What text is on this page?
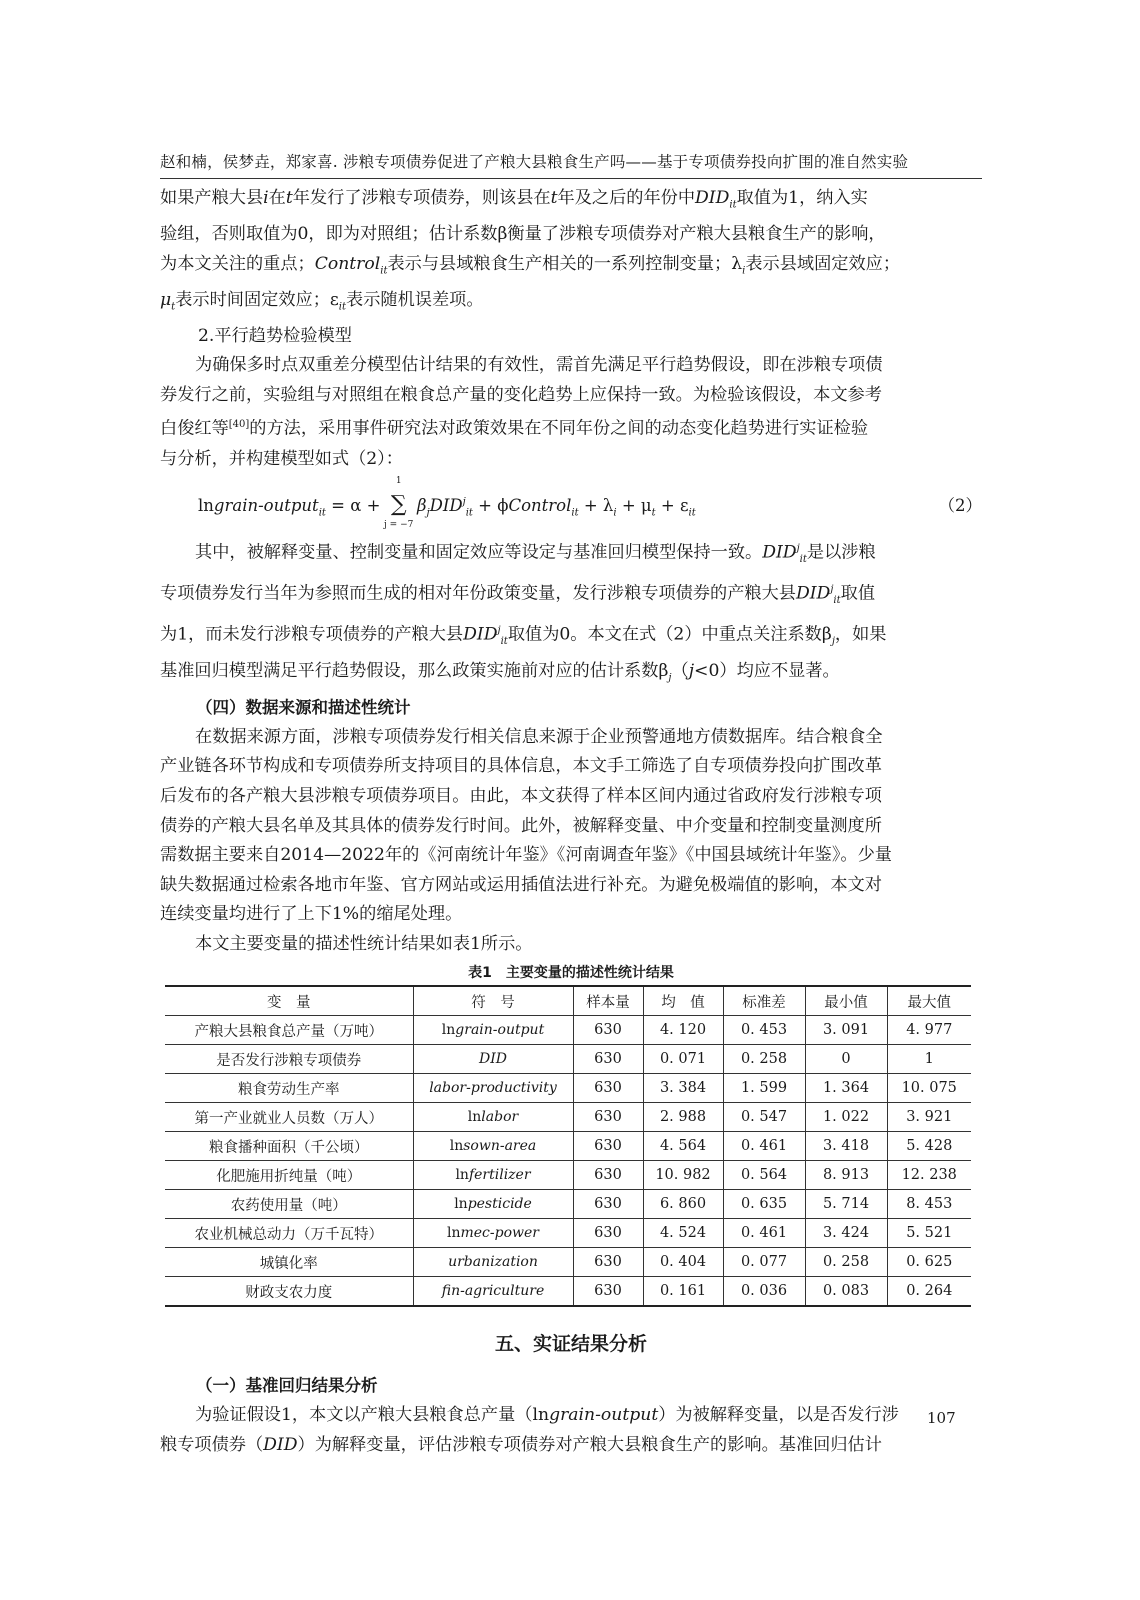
赵和楠，侯梦垚，郑家喜. 涉粮专项债券促进了产粮大县粮食生产吗——基于专项债券投向扩围的准自然实验
如果产粮大县i在t年发行了涉粮专项债券，则该县在t年及之后的年份中$DID_{it}$取值为1，纳入实
验组，否则取值为0，即为对照组；估计系数β衡量了涉粮专项债券对产粮大县粮食生产的影响，
为本文关注的重点；Control$_{it}$表示与县域粮食生产相关的一系列控制变量；$\lambda_i$表示县域固定效应；
$\mu_t$表示时间固定效应；$\varepsilon_{it}$表示随机误差项。
2.平行趋势检验模型
为确保多时点双重差分模型估计结果的有效性，需首先满足平行趋势假设，即在涉粮专项债
券发行之前，实验组与对照组在粮食总产量的变化趋势上应保持一致。为检验该假设，本文参考
白俊红等[40]的方法，采用事件研究法对政策效果在不同年份之间的动态变化趋势进行实证检验
与分析，并构建模型如式（2）：
lngrain-output$_{it}$ = α +
1
∑
j = −7
$\beta_jDID^j_{it}$ + ϕControl$_{it}$ + $\lambda_i + \mu_t + \varepsilon_{it}$	（2）
其中，被解释变量、控制变量和固定效应等设定与基准回归模型保持一致。$DID^j_{it}$是以涉粮
专项债券发行当年为参照而生成的相对年份政策变量，发行涉粮专项债券的产粮大县$DID^j_{it}$取值
为1，而未发行涉粮专项债券的产粮大县$DID^j_{it}$取值为0。本文在式（2）中重点关注系数$\beta_j$，如果
基准回归模型满足平行趋势假设，那么政策实施前对应的估计系数$\beta_j(j<0)$均应不显著。
（四）数据来源和描述性统计
在数据来源方面，涉粮专项债券发行相关信息来源于企业预警通地方债数据库。结合粮食全
产业链各环节构成和专项债券所支持项目的具体信息，本文手工筛选了自专项债券投向扩围改革
后发布的各产粮大县涉粮专项债券项目。由此，本文获得了样本区间内通过省政府发行涉粮专项
债券的产粮大县名单及其具体的债券发行时间。此外，被解释变量、中介变量和控制变量测度所
需数据主要来自2014—2022年的《河南统计年鉴》《河南调查年鉴》《中国县域统计年鉴》。少量
缺失数据通过检索各地市年鉴、官方网站或运用插值法进行补充。为避免极端值的影响，本文对
连续变量均进行了上下1%的缩尾处理。
本文主要变量的描述性统计结果如表1所示。
表1　主要变量的描述性统计结果
变　量	符　号	样本量	均　值	标准差	最小值	最大值
产粮大县粮食总产量（万吨）	lngrain-output	630	4. 120	0. 453	3. 091	4. 977
是否发行涉粮专项债券	DID	630	0. 071	0. 258	0	1
粮食劳动生产率	labor-productivity	630	3. 384	1. 599	1. 364	10. 075
第一产业就业人员数（万人）	lnlabor	630	2. 988	0. 547	1. 022	3. 921
粮食播种面积（千公顷）	lnsown-area	630	4. 564	0. 461	3. 418	5. 428
化肥施用折纯量（吨）	lnfertilizer	630	10. 982	0. 564	8. 913	12. 238
农药使用量（吨）	lnpesticide	630	6. 860	0. 635	5. 714	8. 453
农业机械总动力（万千瓦特）	lnmec-power	630	4. 524	0. 461	3. 424	5. 521
城镇化率	urbanization	630	0. 404	0. 077	0. 258	0. 625
财政支农力度	fin-agriculture	630	0. 161	0. 036	0. 083	0. 264
五、实证结果分析
（一）基准回归结果分析
为验证假设1，本文以产粮大县粮食总产量（lngrain-output）为被解释变量，以是否发行涉
粮专项债券（DID）为解释变量，评估涉粮专项债券对产粮大县粮食生产的影响。基准回归估计
107
